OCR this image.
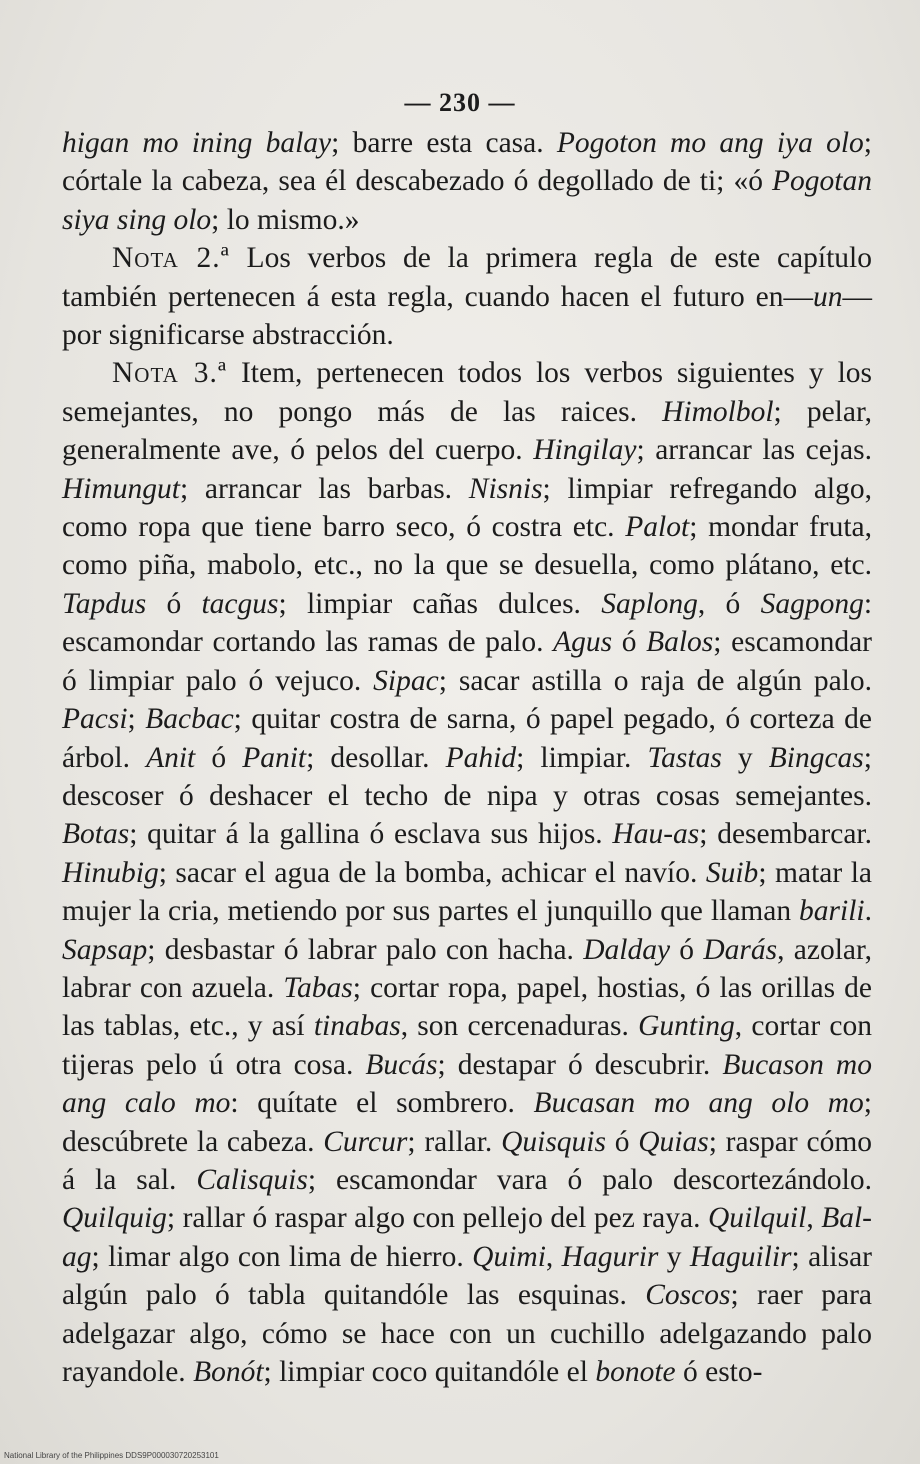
— 230 —

higan mo ining balay; barre esta casa. Pogoton mo ang iya olo; córtale la cabeza, sea él descabezado ó degollado de ti; «ó Pogotan siya sing olo; lo mismo.»

Nota 2.ª Los verbos de la primera regla de este capítulo también pertenecen á esta regla, cuando hacen el futuro en—un—por significarse abstracción.

Nota 3.ª Item, pertenecen todos los verbos siguientes y los semejantes, no pongo más de las raices. Himolbol; pelar, generalmente ave, ó pelos del cuerpo. Hingilay; arrancar las cejas. Himungut; arrancar las barbas. Nisnis; limpiar refregando algo, como ropa que tiene barro seco, ó costra etc. Palot; mondar fruta, como piña, mabolo, etc., no la que se desuella, como plátano, etc. Tapdus ó tacgus; limpiar cañas dulces. Saplong, ó Sagpong: escamondar cortando las ramas de palo. Agus ó Balos; escamondar ó limpiar palo ó vejuco. Sipac; sacar astilla o raja de algún palo. Pacsi; Bacbac; quitar costra de sarna, ó papel pegado, ó corteza de árbol. Anit ó Panit; desollar. Pahid; limpiar. Tastas y Bingcas; descoser ó deshacer el techo de nipa y otras cosas semejantes. Botas; quitar á la gallina ó esclava sus hijos. Hau-as; desembarcar. Hinubig; sacar el agua de la bomba, achicar el navío. Suib; matar la mujer la cria, metiendo por sus partes el junquillo que llaman barili. Sapsap; desbastar ó labrar palo con hacha. Dalday ó Darás, azolar, labrar con azuela. Tabas; cortar ropa, papel, hostias, ó las orillas de las tablas, etc., y así tinabas, son cercenaduras. Gunting, cortar con tijeras pelo ú otra cosa. Bucás; destapar ó descubrir. Bucason mo ang calo mo: quítate el sombrero. Bucasan mo ang olo mo; descúbrete la cabeza. Curcur; rallar. Quisquis ó Quias; raspar cómo á la sal. Calisquis; escamondar vara ó palo descortezándolo. Quilquig; rallar ó raspar algo con pellejo del pez raya. Quilquil, Bal-ag; limar algo con lima de hierro. Quimi, Hagurir y Haguilir; alisar algún palo ó tabla quitandóle las esquinas. Coscos; raer para adelgazar algo, cómo se hace con un cuchillo adelgazando palo rayandole. Bonót; limpiar coco quitandóle el bonote ó esto-

National Library of the Philippines DDS9P000030720253101
